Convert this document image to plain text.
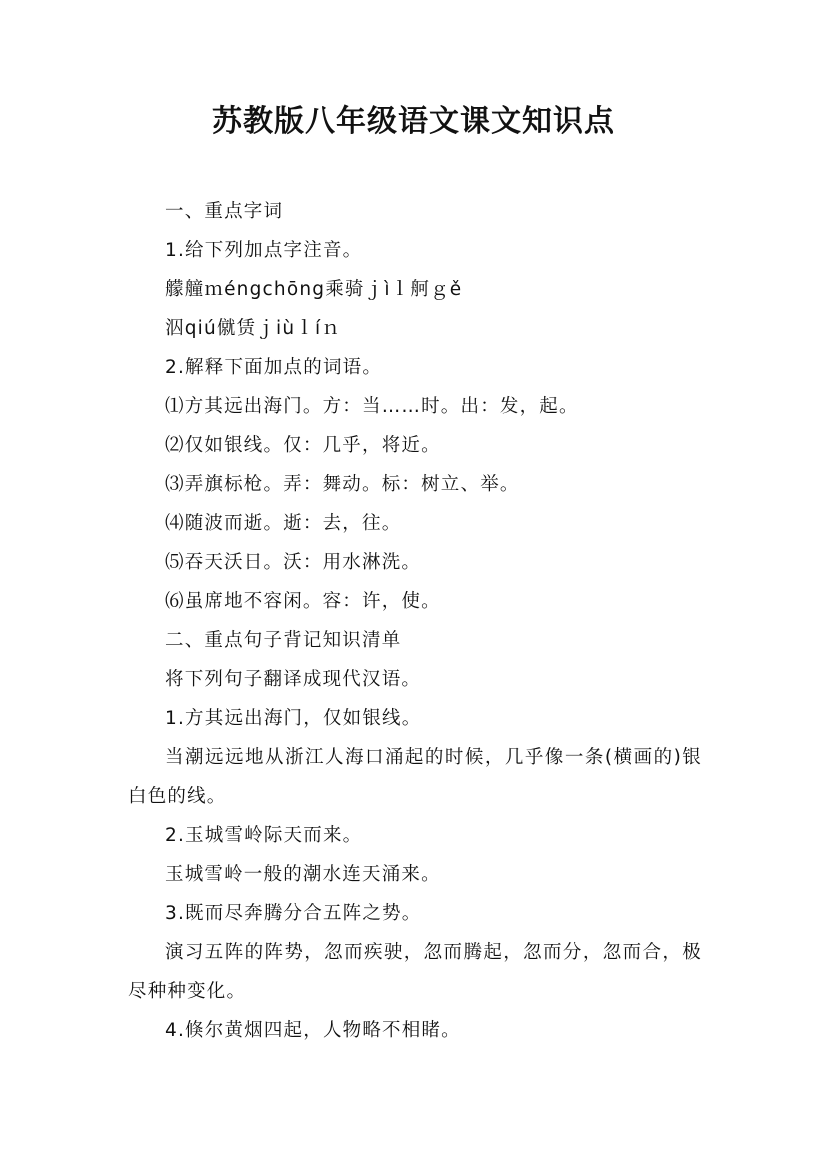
苏教版八年级语文课文知识点

一、重点字词

1.给下列加点字注音。

艨艟ｍéngchōng乘骑ｊìｌ舸ｇě

泅qiú僦赁ｊiùｌíｎ

2.解释下面加点的词语。

⑴方其远出海门。方：当……时。出：发，起。

⑵仅如银线。仅：几乎，将近。

⑶弄旗标枪。弄：舞动。标：树立、举。

⑷随波而逝。逝：去，往。

⑸吞天沃日。沃：用水淋洗。

⑹虽席地不容闲。容：许，使。

二、重点句子背记知识清单

将下列句子翻译成现代汉语。

1.方其远出海门，仅如银线。

当潮远远地从浙江人海口涌起的时候，几乎像一条(横画的)银白色的线。

2.玉城雪岭际天而来。

玉城雪岭一般的潮水连天涌来。

3.既而尽奔腾分合五阵之势。

演习五阵的阵势，忽而疾驶，忽而腾起，忽而分，忽而合，极尽种种变化。

4.倏尔黄烟四起，人物略不相睹。
